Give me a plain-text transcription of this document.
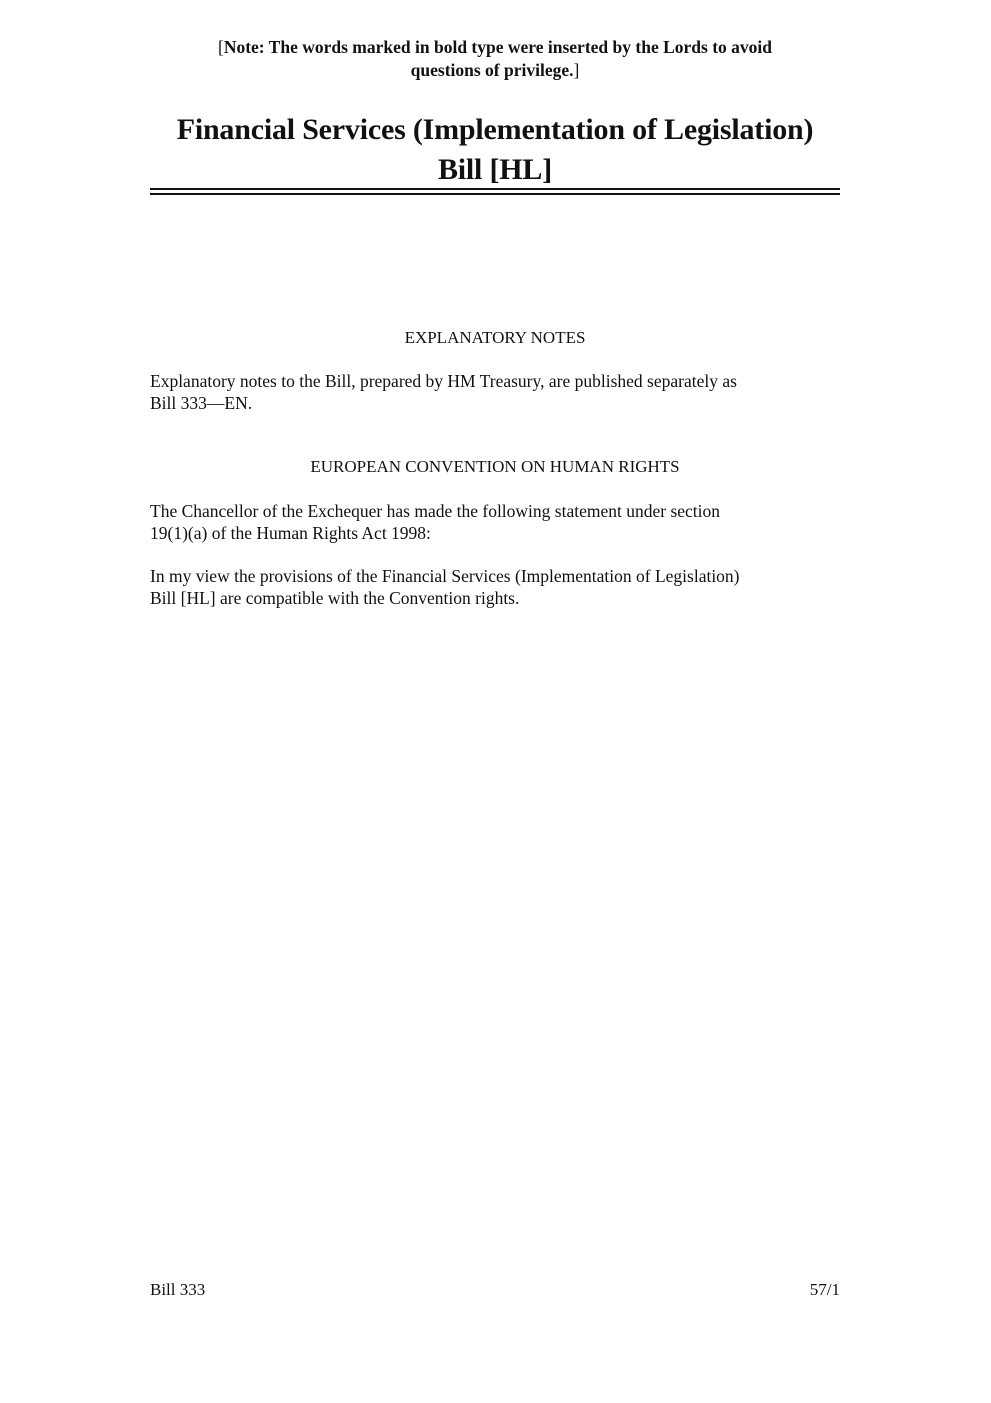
[Note: The words marked in bold type were inserted by the Lords to avoid
questions of privilege.]
Financial Services (Implementation of Legislation)
Bill [HL]
EXPLANATORY NOTES
Explanatory notes to the Bill, prepared by HM Treasury, are published separately as
Bill 333—EN.
EUROPEAN CONVENTION ON HUMAN RIGHTS
The Chancellor of the Exchequer has made the following statement under section
19(1)(a) of the Human Rights Act 1998:
In my view the provisions of the Financial Services (Implementation of Legislation)
Bill [HL] are compatible with the Convention rights.
Bill 333	57/1
